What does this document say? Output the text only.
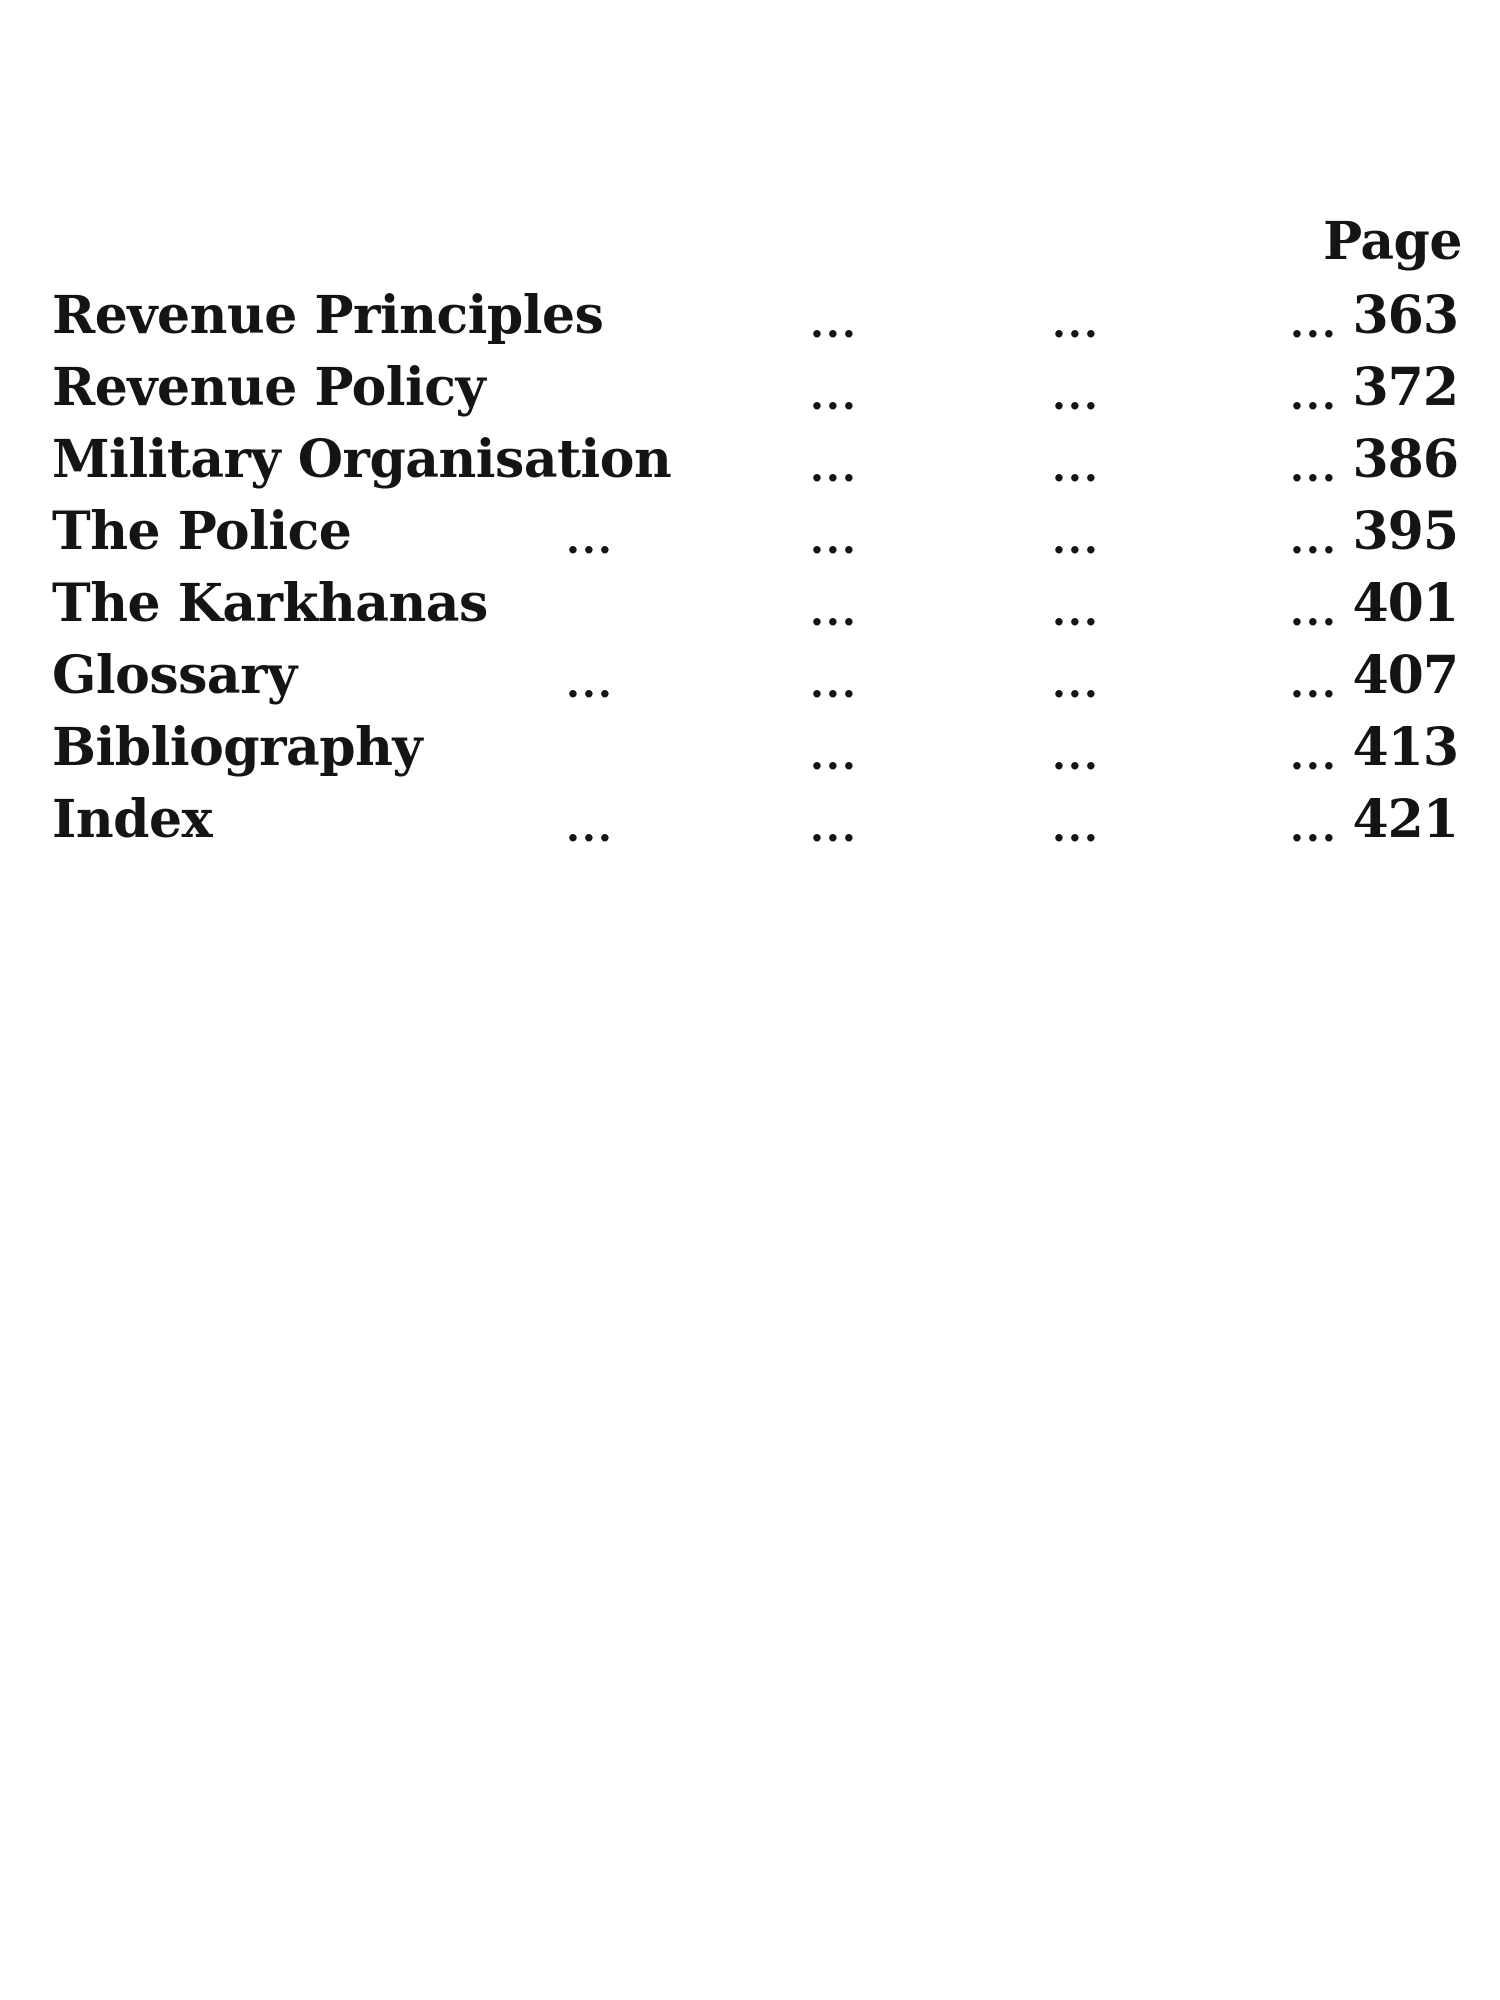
Page
Revenue Principles	...	...	... 363
Revenue Policy	...	...	... 372
Military Organisation	...	...	... 386
The Police	...	...	...	... 395
The Karkhanas	...	...	... 401
Glossary	...	...	...	... 407
Bibliography	...	...	... 413
Index	...	...	...	... 421
